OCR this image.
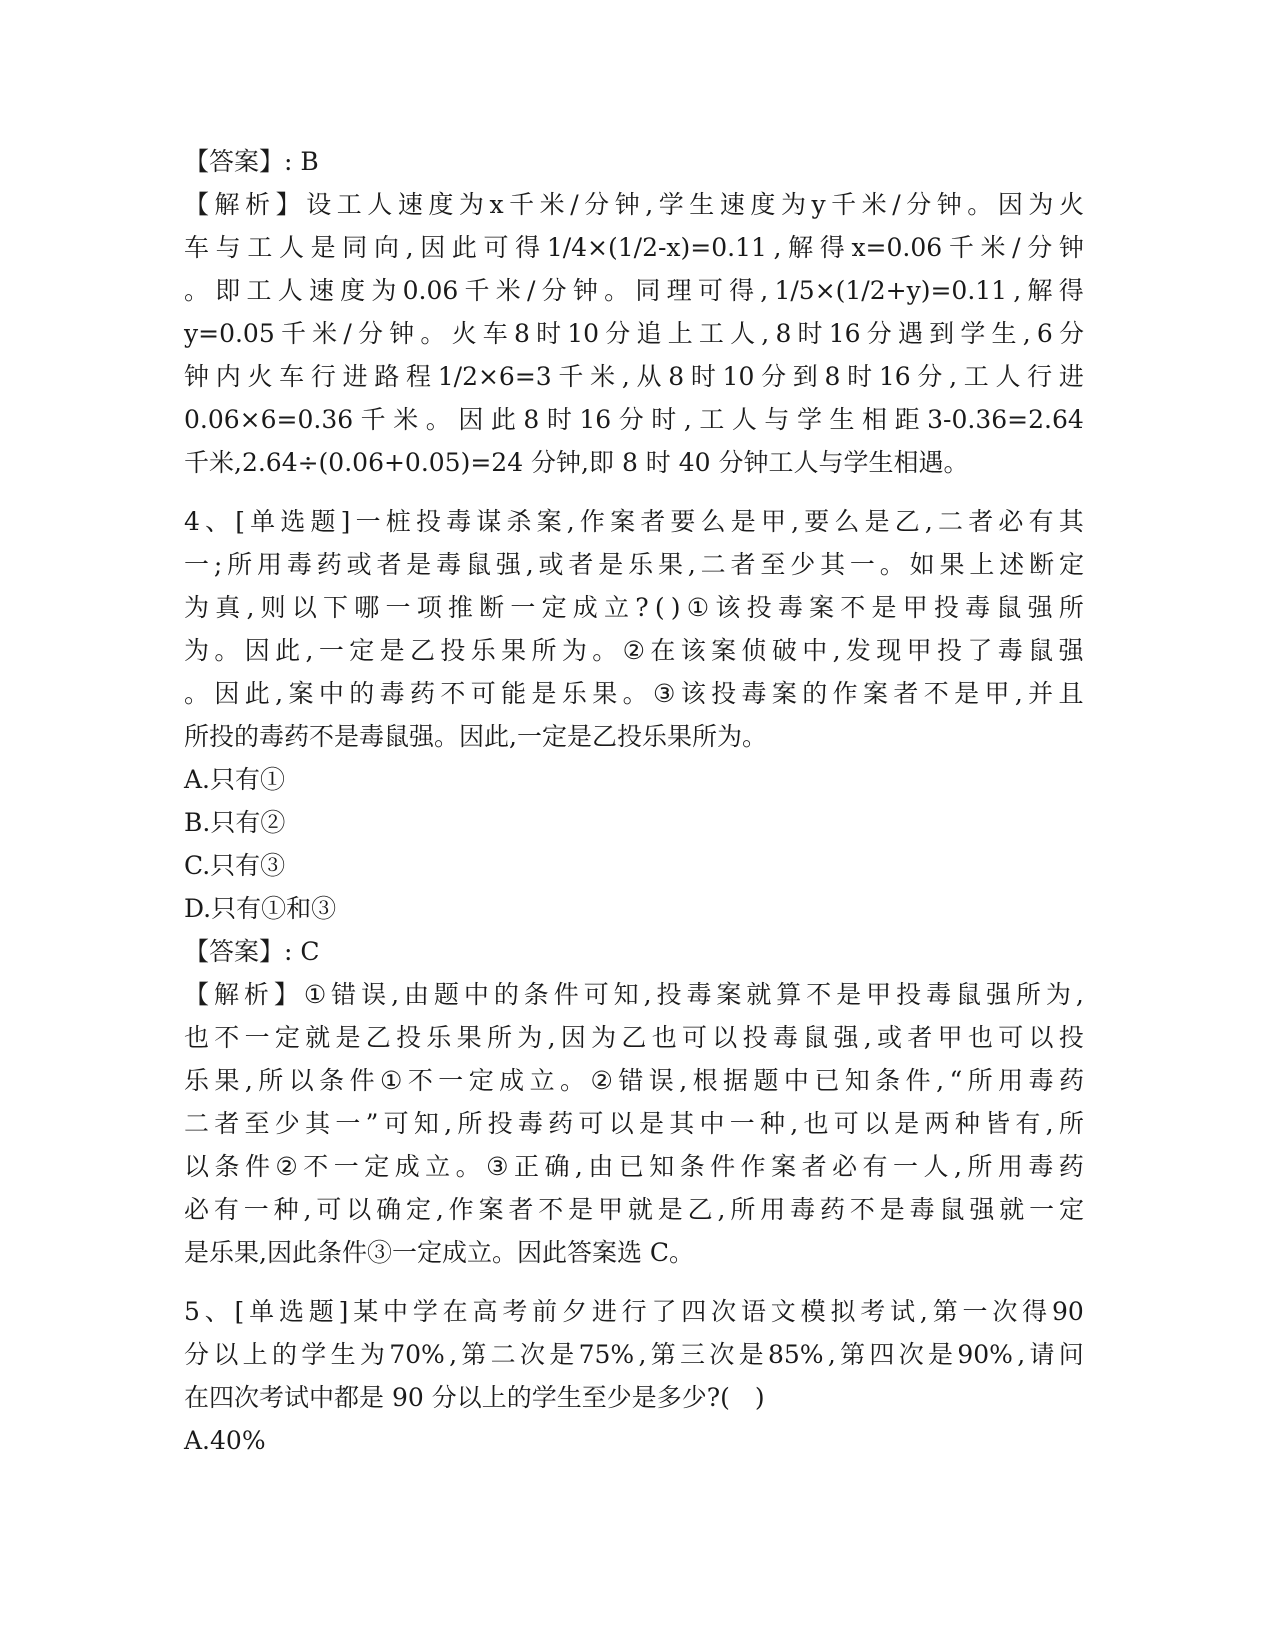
【答案】: B
【 解 析 】 设 工 人 速 度 为 x 千 米 / 分 钟 , 学 生 速 度 为 y 千 米 / 分 钟 。 因 为 火
车 与 工 人 是 同 向 , 因 此 可 得 1/4×(1/2-x)=0.11 , 解 得 x=0.06 千 米 / 分 钟
。 即 工 人 速 度 为 0.06 千 米 / 分 钟 。 同 理 可 得 , 1/5×(1/2+y)=0.11 , 解 得
y=0.05 千 米 / 分 钟 。 火 车 8 时 10 分 追 上 工 人 , 8 时 16 分 遇 到 学 生 , 6 分
钟 内 火 车 行 进 路 程 1/2×6=3 千 米 , 从 8 时 10 分 到 8 时 16 分 , 工 人 行 进
0.06×6=0.36 千 米 。 因 此 8 时 16 分 时 , 工 人 与 学 生 相 距 3-0.36=2.64
千米,2.64÷(0.06+0.05)=24 分钟,即 8 时 40 分钟工人与学生相遇。
4 、 [ 单 选 题 ] 一 桩 投 毒 谋 杀 案 , 作 案 者 要 么 是 甲 , 要 么 是 乙 , 二 者 必 有 其
一 ; 所 用 毒 药 或 者 是 毒 鼠 强 , 或 者 是 乐 果 , 二 者 至 少 其 一 。 如 果 上 述 断 定
为 真 , 则 以 下 哪 一 项 推 断 一 定 成 立 ? ( ) ① 该 投 毒 案 不 是 甲 投 毒 鼠 强 所
为 。 因 此 , 一 定 是 乙 投 乐 果 所 为 。 ② 在 该 案 侦 破 中 , 发 现 甲 投 了 毒 鼠 强
。 因 此 , 案 中 的 毒 药 不 可 能 是 乐 果 。 ③ 该 投 毒 案 的 作 案 者 不 是 甲 , 并 且
所投的毒药不是毒鼠强。因此,一定是乙投乐果所为。
A.只有①
B.只有②
C.只有③
D.只有①和③
【答案】: C
【 解 析 】 ① 错 误 , 由 题 中 的 条 件 可 知 , 投 毒 案 就 算 不 是 甲 投 毒 鼠 强 所 为 ,
也 不 一 定 就 是 乙 投 乐 果 所 为 , 因 为 乙 也 可 以 投 毒 鼠 强 , 或 者 甲 也 可 以 投
乐 果 , 所 以 条 件 ① 不 一 定 成 立 。 ② 错 误 , 根 据 题 中 已 知 条 件 , “ 所 用 毒 药
二 者 至 少 其 一 ” 可 知 , 所 投 毒 药 可 以 是 其 中 一 种 , 也 可 以 是 两 种 皆 有 , 所
以 条 件 ② 不 一 定 成 立 。 ③ 正 确 , 由 已 知 条 件 作 案 者 必 有 一 人 , 所 用 毒 药
必 有 一 种 , 可 以 确 定 , 作 案 者 不 是 甲 就 是 乙 , 所 用 毒 药 不 是 毒 鼠 强 就 一 定
是乐果,因此条件③一定成立。因此答案选 C。
5 、 [ 单 选 题 ] 某 中 学 在 高 考 前 夕 进 行 了 四 次 语 文 模 拟 考 试 , 第 一 次 得 90
分 以 上 的 学 生 为 70% , 第 二 次 是 75% , 第 三 次 是 85% , 第 四 次 是 90% , 请 问
在四次考试中都是 90 分以上的学生至少是多少?(　)
A.40%
